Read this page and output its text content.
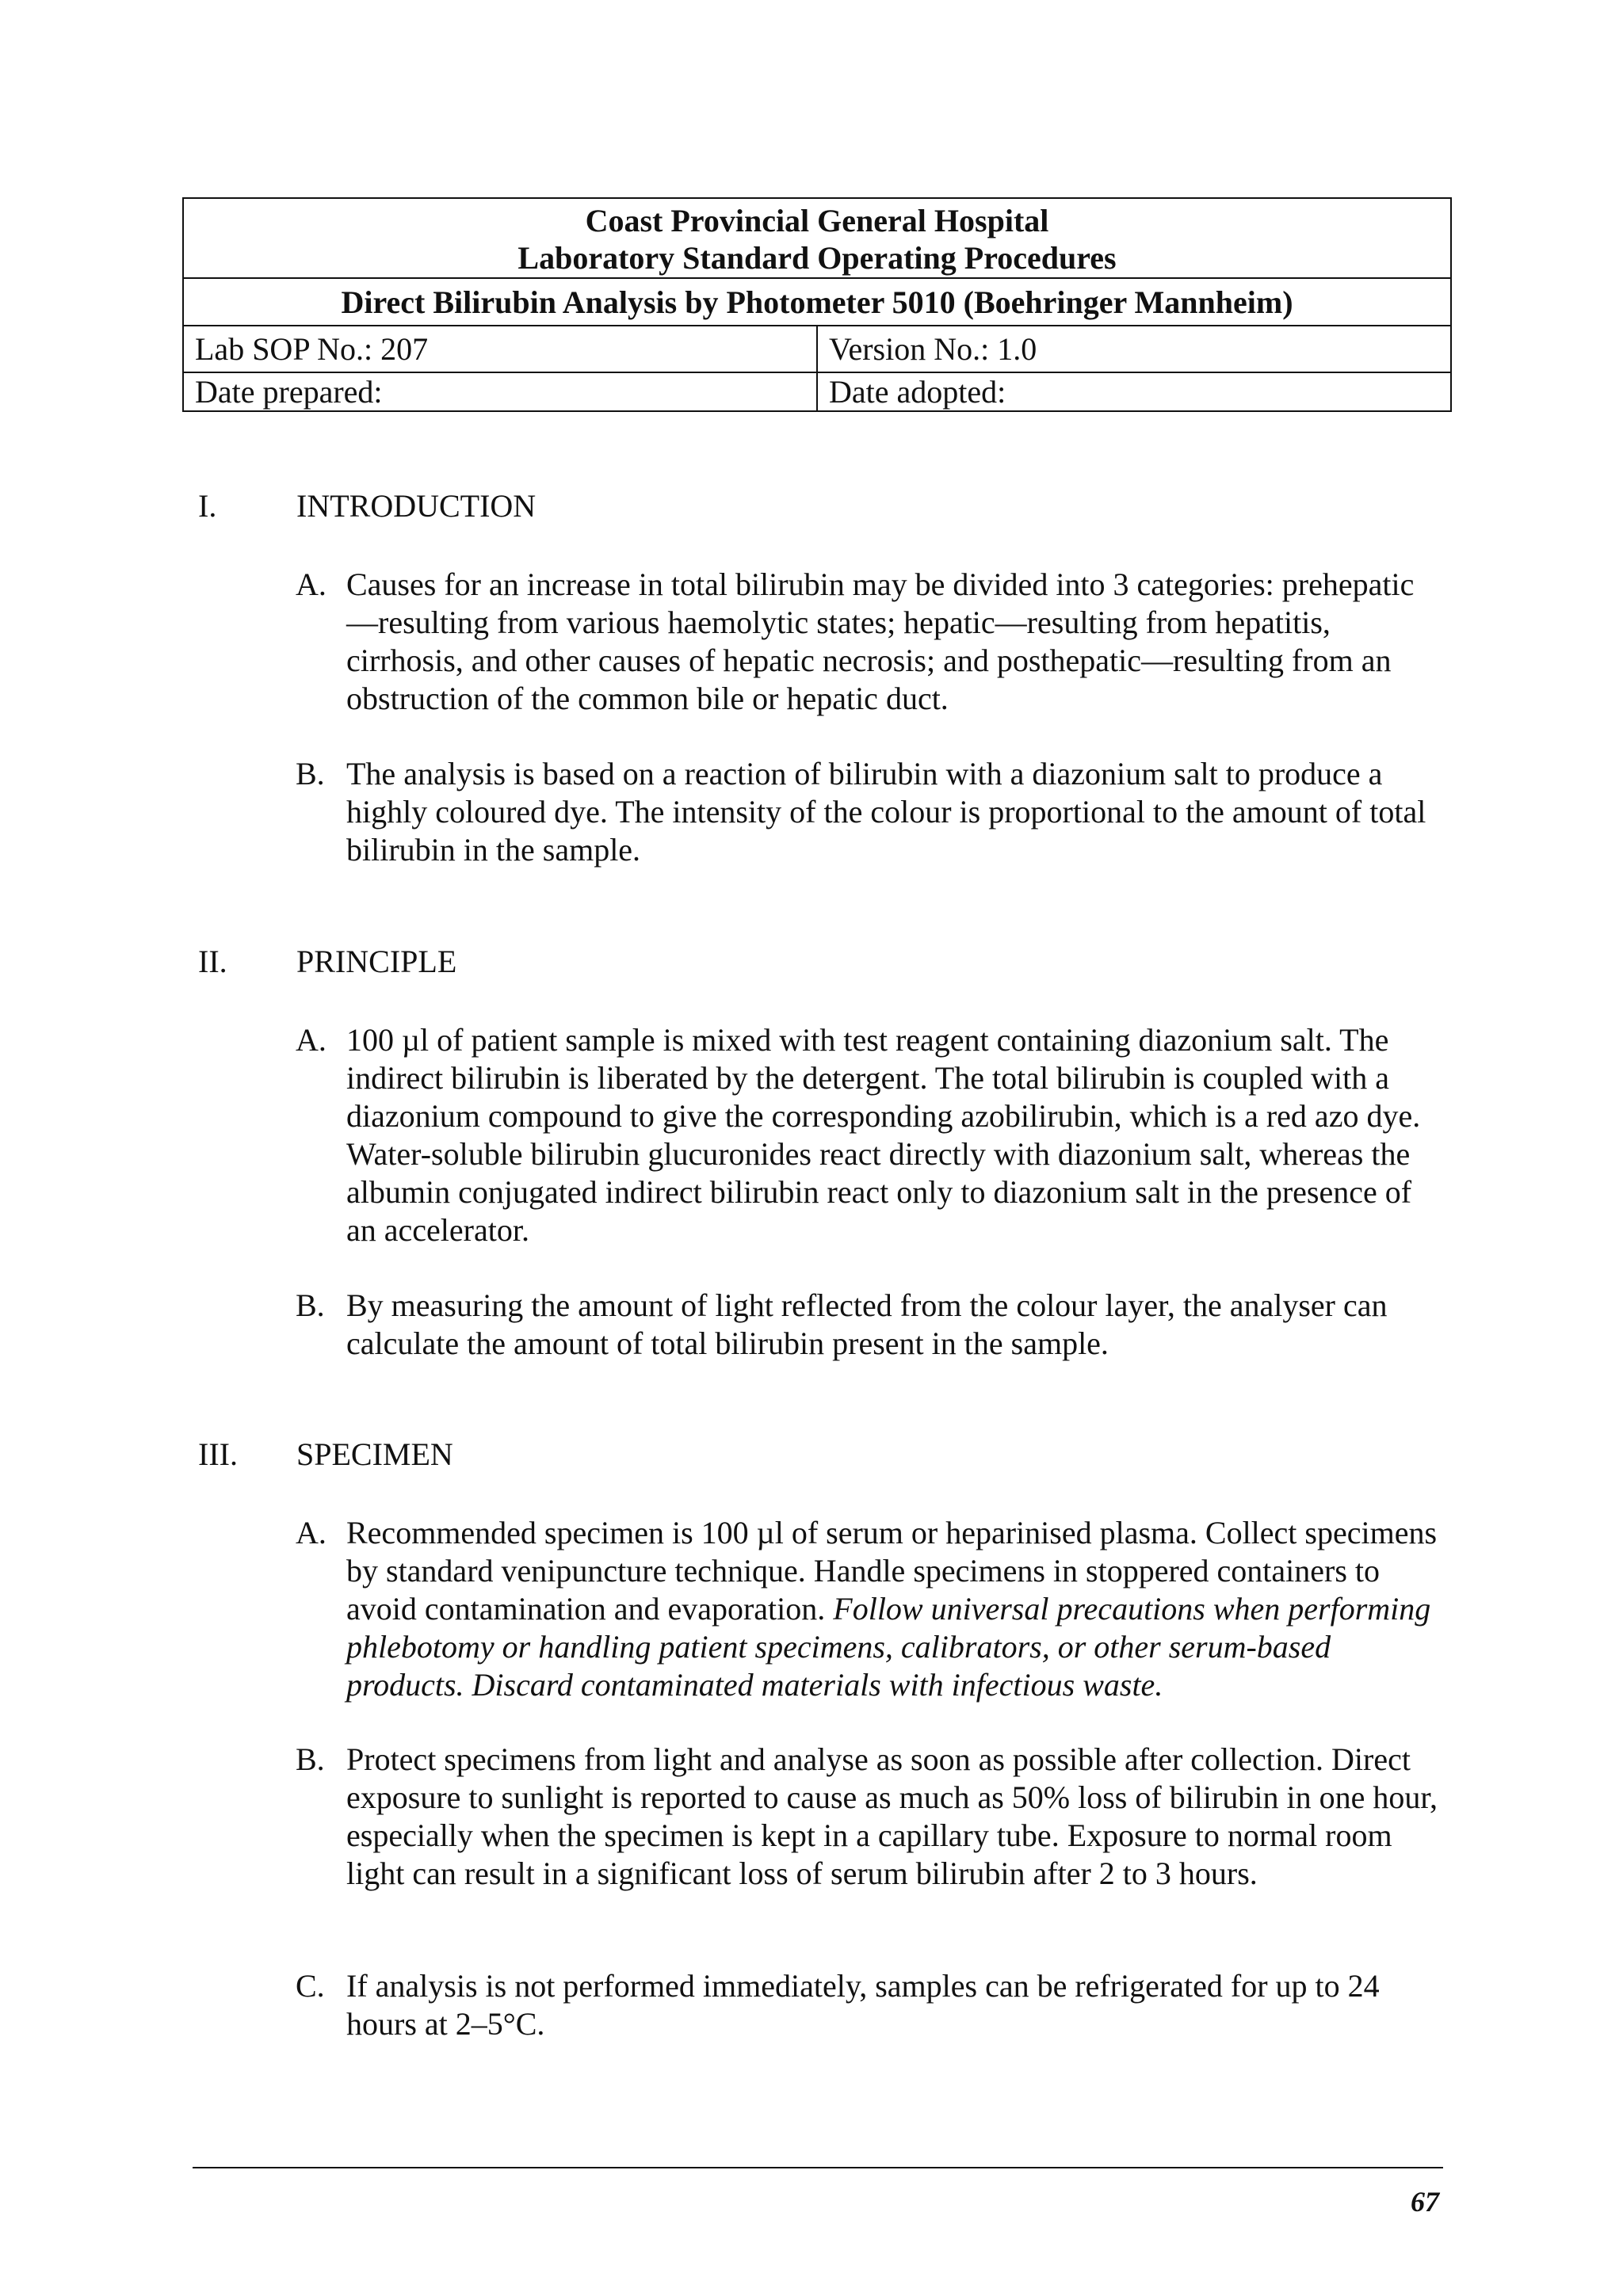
Coast Provincial General Hospital
Laboratory Standard Operating Procedures	

Direct Bilirubin Analysis by Photometer 5010 (Boehringer Mannheim)	
Lab SOP No.: 207	Version No.: 1.0
Date prepared:	Date adopted:
I.	INTRODUCTION
A. Causes for an increase in total bilirubin may be divided into 3 categories: prehepatic—resulting from various haemolytic states; hepatic—resulting from hepatitis, cirrhosis, and other causes of hepatic necrosis; and posthepatic—resulting from an obstruction of the common bile or hepatic duct.
B. The analysis is based on a reaction of bilirubin with a diazonium salt to produce a highly coloured dye. The intensity of the colour is proportional to the amount of total bilirubin in the sample.
II. PRINCIPLE
A. 100 µl of patient sample is mixed with test reagent containing diazonium salt. The indirect bilirubin is liberated by the detergent. The total bilirubin is coupled with a diazonium compound to give the corresponding azobilirubin, which is a red azo dye. Water-soluble bilirubin glucuronides react directly with diazonium salt, whereas the albumin conjugated indirect bilirubin react only to diazonium salt in the presence of an accelerator.
B. By measuring the amount of light reflected from the colour layer, the analyser can calculate the amount of total bilirubin present in the sample.
III. SPECIMEN
A. Recommended specimen is 100 µl of serum or heparinised plasma. Collect specimens by standard venipuncture technique. Handle specimens in stoppered containers to avoid contamination and evaporation. Follow universal precautions when performing phlebotomy or handling patient specimens, calibrators, or other serum-based products. Discard contaminated materials with infectious waste.
B. Protect specimens from light and analyse as soon as possible after collection. Direct exposure to sunlight is reported to cause as much as 50% loss of bilirubin in one hour, especially when the specimen is kept in a capillary tube. Exposure to normal room light can result in a significant loss of serum bilirubin after 2 to 3 hours.
C. If analysis is not performed immediately, samples can be refrigerated for up to 24 hours at 2–5°C.
67
